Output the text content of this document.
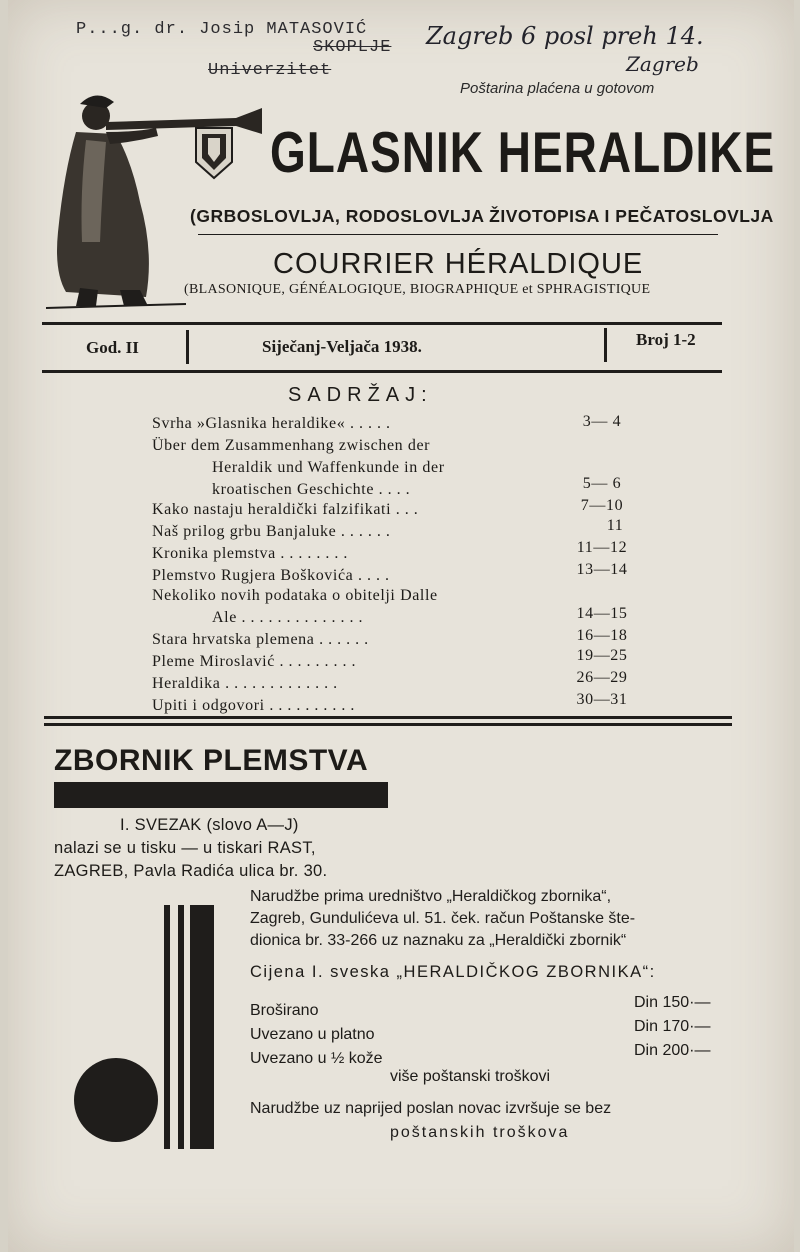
P...g. dr. Josip MATASOVIĆ
SKOPLJE
Univerzitet
Zagreb 6 posl preh 14.
Zagreb
Poštarina plaćena u gotovom
GLASNIK HERALDIKE
(GRBOSLOVLJA, RODOSLOVLJA ŽIVOTOPISA I PEČATOSLOVLJA
COURRIER HÉRALDIQUE
(BLASONIQUE, GÉNÉALOGIQUE, BIOGRAPHIQUE et SPHRAGISTIQUE
God. II	Siječanj-Veljača 1938.	Broj 1-2
SADRŽAJ:
Svrha »Glasnika heraldike« .....	3— 4
Über dem Zusammenhang zwischen der
Heraldik und Waffenkunde in der
kroatischen Geschichte ....	5— 6
Kako nastaju heraldički falzifikati ...	7—10
Naš prilog grbu Banjaluke ......	11
Kronika plemstva ........	11—12
Plemstvo Rugjera Boškovića ....	13—14
Nekoliko novih podataka o obitelji Dalle
Ale ..............	14—15
Stara hrvatska plemena ......	16—18
Pleme Miroslavić .........	19—25
Heraldika .............	26—29
Upiti i odgovori ..........	30—31
ZBORNIK PLEMSTVA
I. SVEZAK (slovo A—J)
nalazi se u tisku — u tiskari RAST,
ZAGREB, Pavla Radića ulica br. 30.
Narudžbe prima uredništvo „Heraldičkog zbornika“,
Zagreb, Gundulićeva ul. 51. ček. račun Poštanske šte-
dionica br. 33-266 uz naznaku za „Heraldički zbornik“
Cijena I. sveska „HERALDIČKOG ZBORNIKA“:
Broširano	Din 150·—
Uvezano u platno	Din 170·—
Uvezano u ½ kože	Din 200·—
više poštanski troškovi
Narudžbe uz naprijed poslan novac izvršuje se bez
poštanskih troškova
